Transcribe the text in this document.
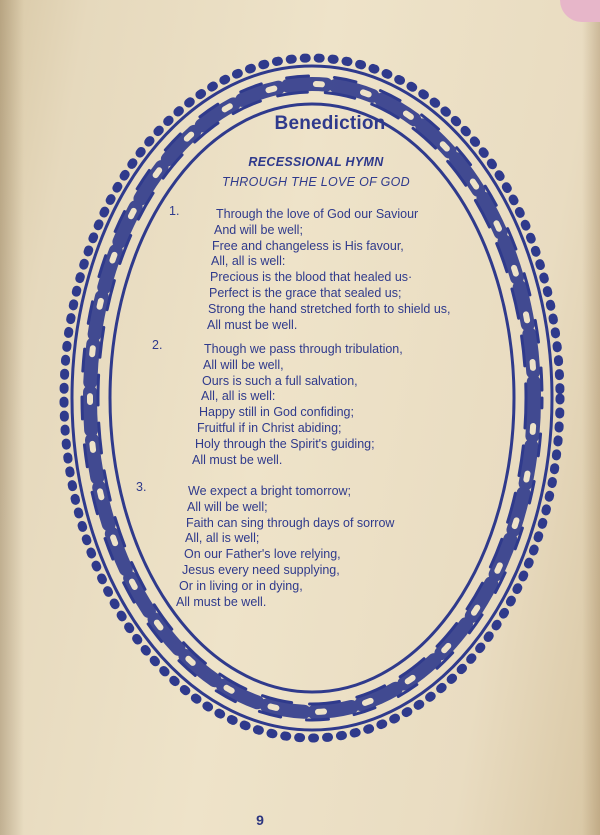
Benediction
RECESSIONAL HYMN
THROUGH THE LOVE OF GOD
1.	Through the love of God our Saviour
And will be well;
Free and changeless is His favour,
All, all is well:
Precious is the blood that healed us·
Perfect is the grace that sealed us;
Strong the hand stretched forth to shield us,
All must be well.
2.	Though we pass through tribulation,
All will be well,
Ours is such a full salvation,
All, all is well:
Happy still in God confiding;
Fruitful if in Christ abiding;
Holy through the Spirit's guiding;
All must be well.
3.	We expect a bright tomorrow;
All will be well;
Faith can sing through days of sorrow
All, all is well;
On our Father's love relying,
Jesus every need supplying,
Or in living or in dying,
All must be well.
9
